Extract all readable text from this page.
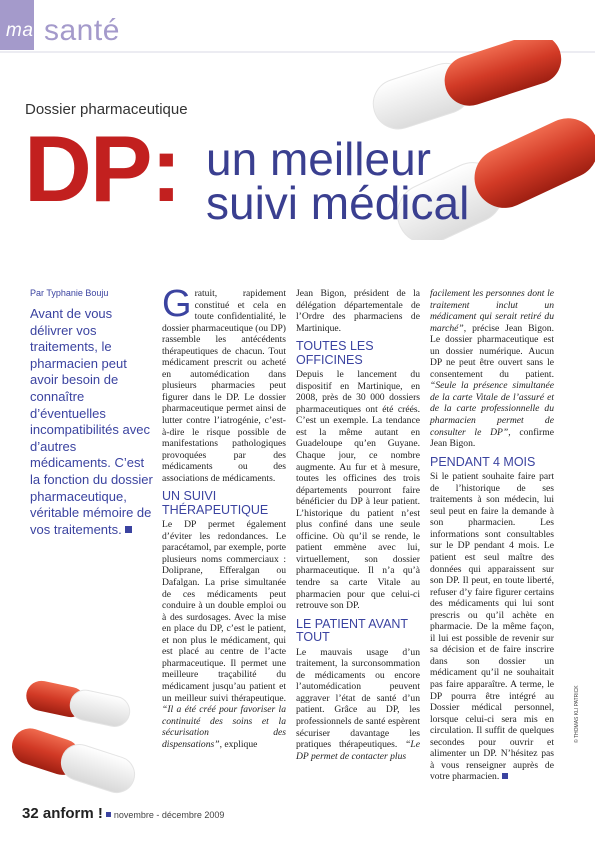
ma santé
Dossier pharmaceutique
DP: un meilleur
suivi médical
Par Typhanie Bouju
Avant de vous délivrer vos traitements, le pharmacien peut avoir besoin de connaître d’éventuelles incompatibilités avec d’autres médicaments. C’est la fonction du dossier pharmaceutique, véritable mémoire de vos traitements.

Gratuit, rapidement constitué et cela en toute confidentialité, le dossier pharmaceutique (ou DP) rassemble les antécédents thérapeutiques de chacun. Tout médicament prescrit ou acheté en automédication dans plusieurs pharmacies peut figurer dans le DP. Le dossier pharmaceutique permet ainsi de lutter contre l’iatrogénie, c’est-à-dire le risque possible de manifestations pathologiques provoquées par des médicaments ou des associations de médicaments.

UN SUIVI THÉRAPEUTIQUE

Le DP permet également d’éviter les redondances. Le paracétamol, par exemple, porte plusieurs noms commerciaux : Doliprane, Efferalgan ou Dafalgan. La prise simultanée de ces médicaments peut conduire à un double emploi ou à des surdosages. Avec la mise en place du DP, c’est le patient, et non plus le médicament, qui est placé au centre de l’acte pharmaceutique. Il permet une meilleure traçabilité du médicament jusqu’au patient et un meilleur suivi thérapeutique. “Il a été créé pour favoriser la continuité des soins et la sécurisation des dispensations”, explique

Jean Bigon, président de la délégation départementale de l’Ordre des pharmaciens de Martinique.

TOUTES LES OFFICINES

Depuis le lancement du dispositif en Martinique, en 2008, près de 30 000 dossiers pharmaceutiques ont été créés. C’est un exemple. La tendance est la même autant en Guadeloupe qu’en Guyane. Chaque jour, ce nombre augmente. Au fur et à mesure, toutes les officines des trois départements pourront faire bénéficier du DP à leur patient. L’historique du patient n’est plus confiné dans une seule officine. Où qu’il se rende, le patient emmène avec lui, virtuellement, son dossier pharmaceutique. Il n’a qu’à tendre sa carte Vitale au pharmacien pour que celui-ci retrouve son DP.

LE PATIENT AVANT TOUT

Le mauvais usage d’un traitement, la surconsommation de médicaments ou encore l’automédication peuvent aggraver l’état de santé d’un patient. Grâce au DP, les professionnels de santé espèrent sécuriser davantage les pratiques thérapeutiques. “Le DP permet de contacter plus

facilement les personnes dont le traitement inclut un médicament qui serait retiré du marché”, précise Jean Bigon. Le dossier pharmaceutique est un dossier numérique. Aucun DP ne peut être ouvert sans le consentement du patient. “Seule la présence simultanée de la carte Vitale de l’assuré et de la carte professionnelle du pharmacien permet de consulter le DP”, confirme Jean Bigon.

PENDANT 4 MOIS

Si le patient souhaite faire part de l’historique de ses traitements à son médecin, lui seul peut en faire la demande à son pharmacien. Les informations sont consultables sur le DP pendant 4 mois. Le patient est seul maître des données qui apparaissent sur son DP. Il peut, en toute liberté, refuser d’y faire figurer certains des médicaments qui lui sont prescris ou qu’il achète en pharmacie. De la même façon, il lui est possible de revenir sur sa décision et de faire inscrire dans son dossier un médicament qu’il ne souhaitait pas faire apparaître. A terme, le DP pourra être intégré au Dossier médical personnel, lorsque celui-ci sera mis en circulation. Il suffit de quelques secondes pour ouvrir et alimenter un DP. N’hésitez pas à vous renseigner auprès de votre pharmacien.

© THOMAS KLI PATRICK
32 anform ! novembre - décembre 2009
